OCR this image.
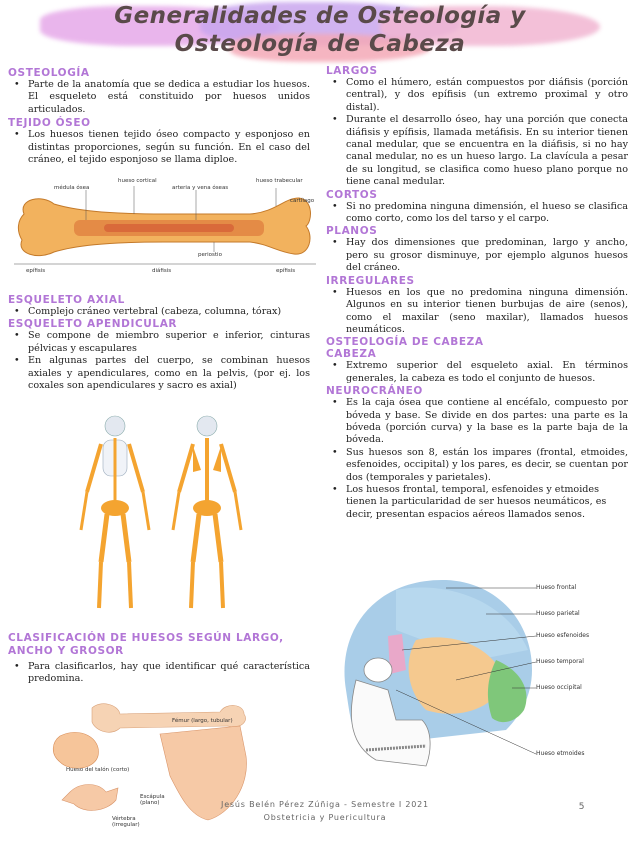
Generalidades de Osteología y Osteología de Cabeza

OSTEOLOGÍA

• Parte de la anatomía que se dedica a estudiar los huesos. El esqueleto está constituido por huesos unidos articulados.

TEJIDO ÓSEO

• Los huesos tienen tejido óseo compacto y esponjoso en distintas proporciones, según su función. En el caso del cráneo, el tejido esponjoso se llama diploe.
médula ósea
hueso cortical
arteria y vena óseas
hueso trabecular
cartílago
periostio
epífisis	diáfisis	epífisis

ESQUELETO AXIAL

• Complejo cráneo vertebral (cabeza, columna, tórax)

ESQUELETO APENDICULAR

• Se compone de miembro superior e inferior, cinturas pélvicas y escapulares
• En algunas partes del cuerpo, se combinan huesos axiales y apendiculares, como en la pelvis, (por ej. los coxales son apendiculares y sacro es axial)

CLASIFICACIÓN DE HUESOS SEGÚN LARGO, ANCHO Y GROSOR

• Para clasificarlos, hay que identificar qué característica predomina.
Fémur (largo, tubular)
Hueso del talón (corto)
Escápula (plano)
Vértebra (irregular)

LARGOS

• Como el húmero, están compuestos por diáfisis (porción central), y dos epífisis (un extremo proximal y otro distal).
• Durante el desarrollo óseo, hay una porción que conecta diáfisis y epífisis, llamada metáfisis. En su interior tienen canal medular, que se encuentra en la diáfisis, si no hay canal medular, no es un hueso largo. La clavícula a pesar de su longitud, se clasifica como hueso plano porque no tiene canal medular.

CORTOS

• Si no predomina ninguna dimensión, el hueso se clasifica como corto, como los del tarso y el carpo.

PLANOS

• Hay dos dimensiones que predominan, largo y ancho, pero su grosor disminuye, por ejemplo algunos huesos del cráneo.

IRREGULARES

• Huesos en los que no predomina ninguna dimensión. Algunos en su interior tienen burbujas de aire (senos), como el maxilar (seno maxilar), llamados huesos neumáticos.

OSTEOLOGÍA DE CABEZA

CABEZA

• Extremo superior del esqueleto axial. En términos generales, la cabeza es todo el conjunto de huesos.

NEUROCRÁNEO

• Es la caja ósea que contiene al encéfalo, compuesto por bóveda y base. Se divide en dos partes: una parte es la bóveda (porción curva) y la base es la parte baja de la bóveda.
• Sus huesos son 8, están los impares (frontal, etmoides, esfenoides, occipital) y los pares, es decir, se cuentan por dos (temporales y parietales).
• Los huesos frontal, temporal, esfenoides y etmoides tienen la particularidad de ser huesos neumáticos, es decir, presentan espacios aéreos llamados senos.
Hueso frontal
Hueso parietal
Hueso esfenoides
Hueso temporal
Hueso occipital
Hueso etmoides
Jesús Belén Pérez Zúñiga - Semestre I 2021
Obstetricia y Puericultura
5
